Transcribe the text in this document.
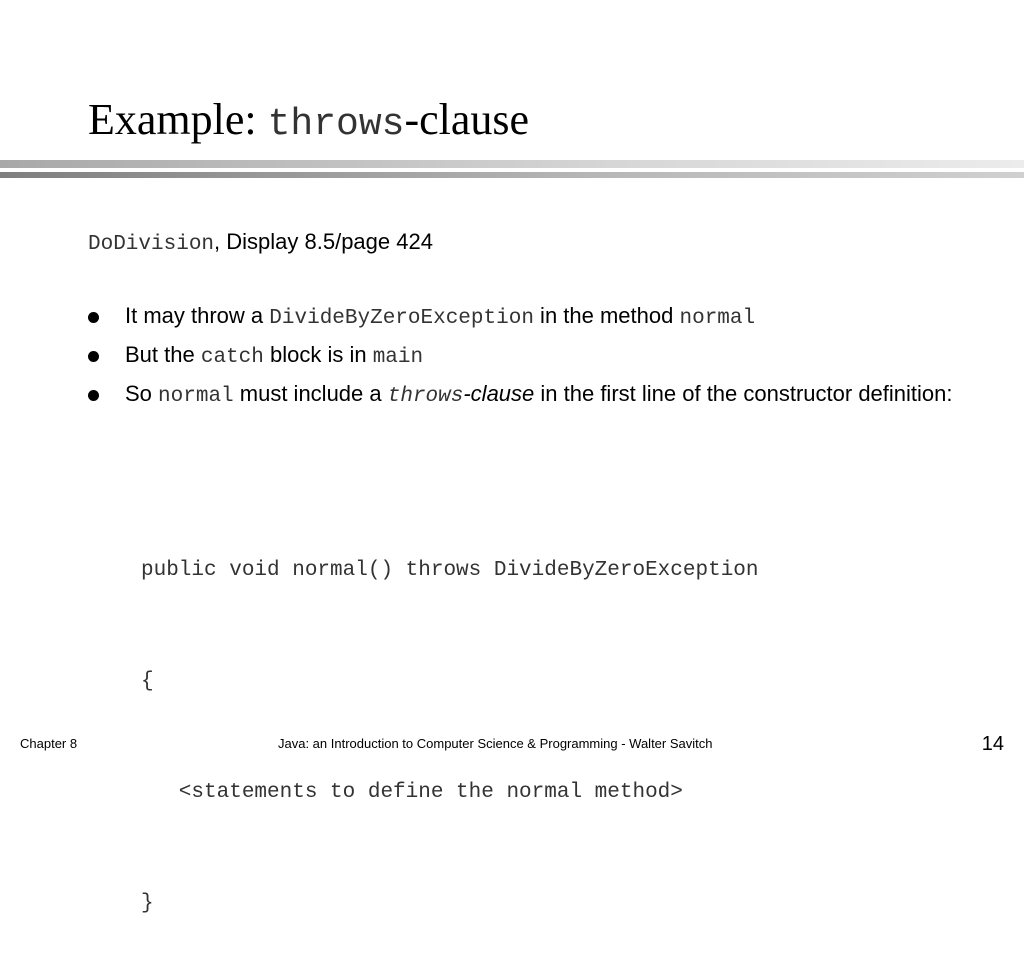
Example: throws-clause
DoDivision, Display 8.5/page 424
It may throw a DivideByZeroException in the method normal
But the catch block is in main
So normal must include a throws-clause in the first line of the constructor definition:

public void normal() throws DivideByZeroException

{

<statements to define the normal method>

}

Chapter 8	Java: an Introduction to Computer Science & Programming - Walter Savitch	14
